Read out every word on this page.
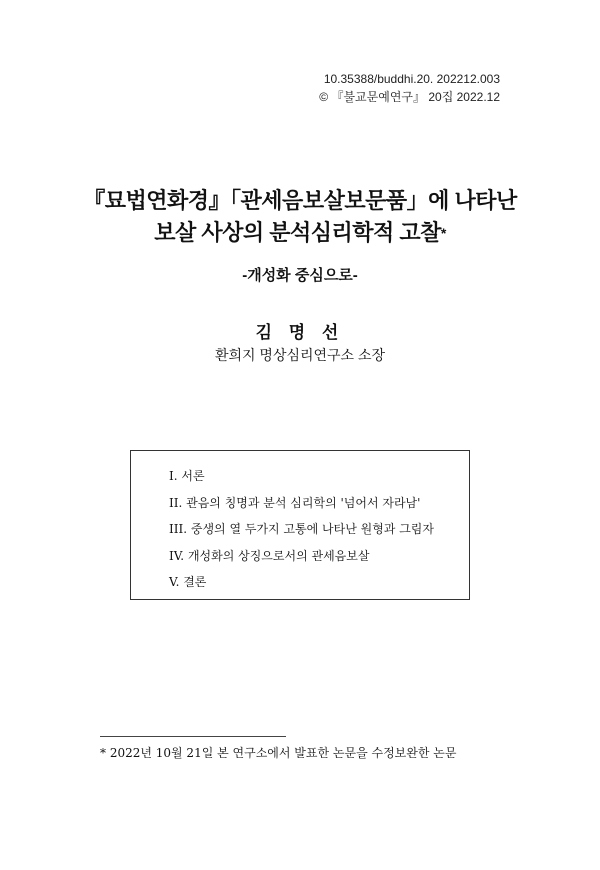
10.35388/buddhi.20. 202212.003
© 『불교문예연구』 20집 2022.12
『묘법연화경』「관세음보살보문품」에 나타난
보살 사상의 분석심리학적 고찰*
-개성화 중심으로-
김 명 선
환희지 명상심리연구소 소장
I. 서론
II. 관음의 칭명과 분석 심리학의 '넘어서 자라남'
III. 중생의 열 두가지 고통에 나타난 원형과 그림자
IV. 개성화의 상징으로서의 관세음보살
V. 결론
* 2022년 10월 21일 본 연구소에서 발표한 논문을 수정보완한 논문
